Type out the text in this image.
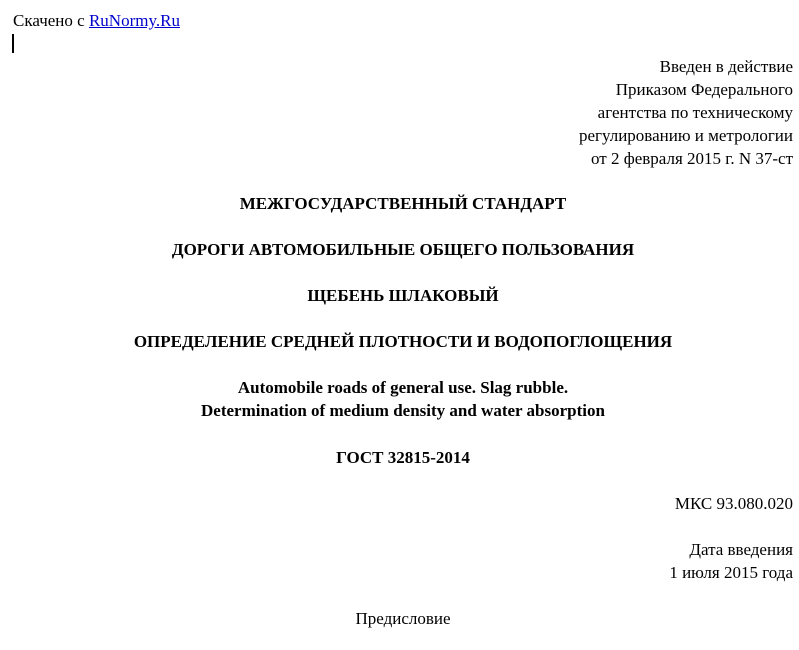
Скачено с RuNormy.Ru
Введен в действие
Приказом Федерального
агентства по техническому
регулированию и метрологии
от 2 февраля 2015 г. N 37-ст
МЕЖГОСУДАРСТВЕННЫЙ СТАНДАРТ
ДОРОГИ АВТОМОБИЛЬНЫЕ ОБЩЕГО ПОЛЬЗОВАНИЯ
ЩЕБЕНЬ ШЛАКОВЫЙ
ОПРЕДЕЛЕНИЕ СРЕДНЕЙ ПЛОТНОСТИ И ВОДОПОГЛОЩЕНИЯ
Automobile roads of general use. Slag rubble.
Determination of medium density and water absorption
ГОСТ 32815-2014
МКС 93.080.020
Дата введения
1 июля 2015 года
Предисловие
